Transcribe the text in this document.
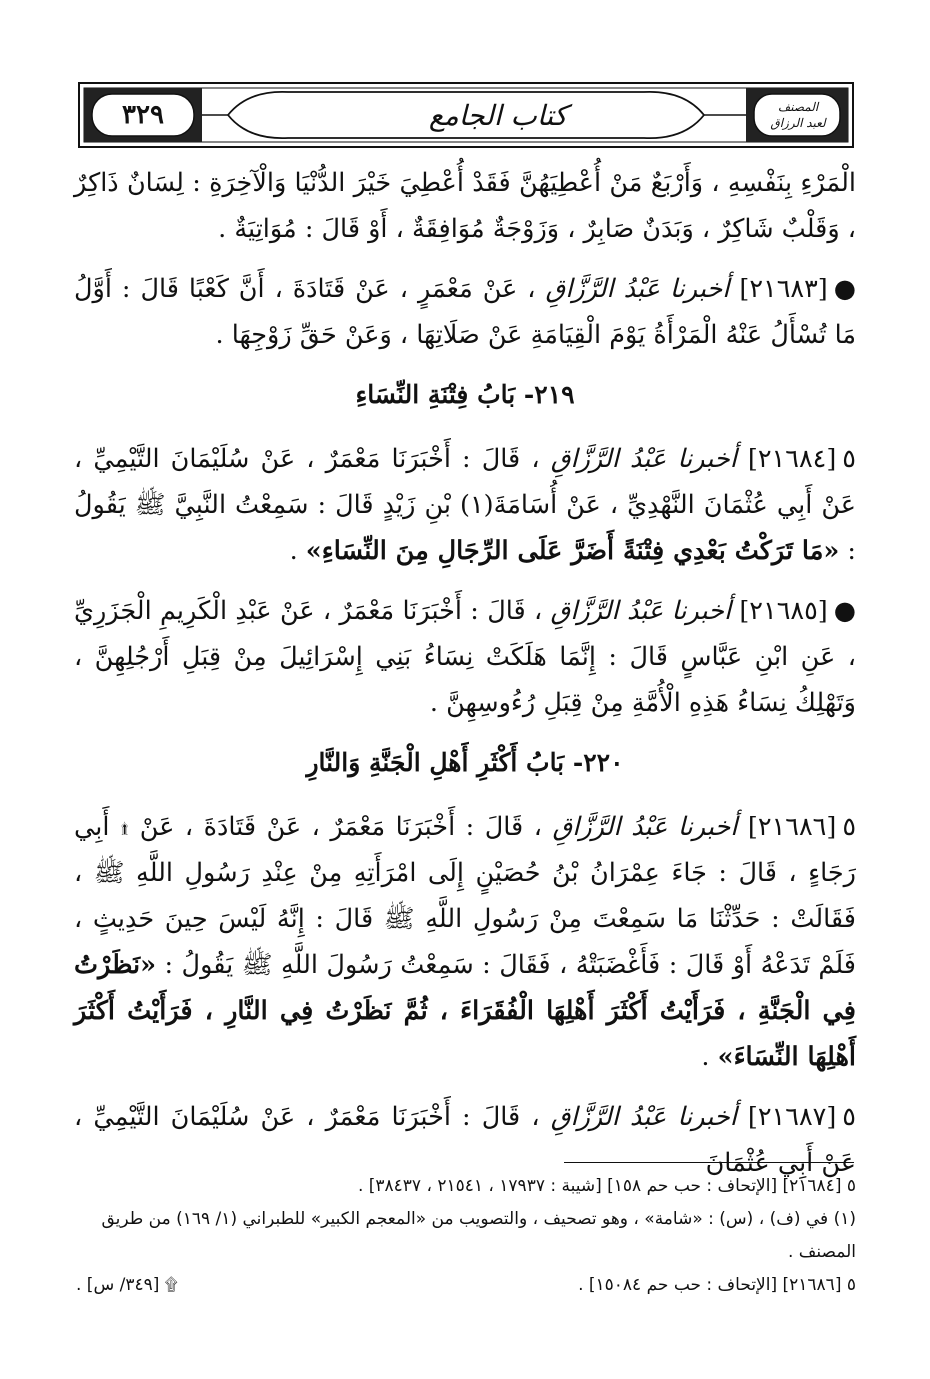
٣٢٩	كتاب الجامع	المصنف
لعبد الرزاق

الْمَرْءِ بِنَفْسِهِ ، وَأَرْبَعٌ مَنْ أُعْطِيَهُنَّ فَقَدْ أُعْطِيَ خَيْرَ الدُّنْيَا وَالْآخِرَةِ : لِسَانٌ ذَاكِرٌ ، وَقَلْبٌ شَاكِرٌ ، وَبَدَنٌ صَابِرٌ ، وَزَوْجَةٌ مُوَافِقَةٌ ، أَوْ قَالَ : مُوَاتِيَةٌ .

●[٢١٦٨٣] أخبرنا عَبْدُ الرَّزَّاقِ ، عَنْ مَعْمَرٍ ، عَنْ قَتَادَةَ ، أَنَّ كَعْبًا قَالَ : أَوَّلُ مَا تُسْأَلُ عَنْهُ الْمَرْأَةُ يَوْمَ الْقِيَامَةِ عَنْ صَلَاتِهَا ، وَعَنْ حَقِّ زَوْجِهَا .

٢١٩- بَابُ فِتْنَةِ النِّسَاءِ

٥[٢١٦٨٤] أخبرنا عَبْدُ الرَّزَّاقِ ، قَالَ : أَخْبَرَنَا مَعْمَرٌ ، عَنْ سُلَيْمَانَ التَّيْمِيِّ ، عَنْ أَبِي عُثْمَانَ النَّهْدِيِّ ، عَنْ أُسَامَةَ(١) بْنِ زَيْدٍ قَالَ : سَمِعْتُ النَّبِيَّ ﷺ يَقُولُ : «مَا تَرَكْتُ بَعْدِي فِتْنَةً أَضَرَّ عَلَى الرِّجَالِ مِنَ النِّسَاءِ» .

●[٢١٦٨٥] أخبرنا عَبْدُ الرَّزَّاقِ ، قَالَ : أَخْبَرَنَا مَعْمَرٌ ، عَنْ عَبْدِ الْكَرِيمِ الْجَزَرِيِّ ، عَنِ ابْنِ عَبَّاسٍ قَالَ : إِنَّمَا هَلَكَتْ نِسَاءُ بَنِي إِسْرَائِيلَ مِنْ قِبَلِ أَرْجُلِهِنَّ ، وَتَهْلِكُ نِسَاءُ هَذِهِ الْأُمَّةِ مِنْ قِبَلِ رُءُوسِهِنَّ .

٢٢٠- بَابُ أَكْثَرِ أَهْلِ الْجَنَّةِ وَالنَّارِ

٥[٢١٦٨٦] أخبرنا عَبْدُ الرَّزَّاقِ ، قَالَ : أَخْبَرَنَا مَعْمَرٌ ، عَنْ قَتَادَةَ ، عَنْ ۩ أَبِي رَجَاءٍ ، قَالَ : جَاءَ عِمْرَانُ بْنُ حُصَيْنٍ إِلَى امْرَأَتِهِ مِنْ عِنْدِ رَسُولِ اللَّهِ ﷺ ، فَقَالَتْ : حَدِّثْنَا مَا سَمِعْتَ مِنْ رَسُولِ اللَّهِ ﷺ قَالَ : إِنَّهُ لَيْسَ حِينَ حَدِيثٍ ، فَلَمْ تَدَعْهُ أَوْ قَالَ : فَأَغْضَبَتْهُ ، فَقَالَ : سَمِعْتُ رَسُولَ اللَّهِ ﷺ يَقُولُ : «نَظَرْتُ فِي الْجَنَّةِ ، فَرَأَيْتُ أَكْثَرَ أَهْلِهَا الْفُقَرَاءَ ، ثُمَّ نَظَرْتُ فِي النَّارِ ، فَرَأَيْتُ أَكْثَرَ أَهْلِهَا النِّسَاءَ» .

٥[٢١٦٨٧] أخبرنا عَبْدُ الرَّزَّاقِ ، قَالَ : أَخْبَرَنَا مَعْمَرٌ ، عَنْ سُلَيْمَانَ التَّيْمِيِّ ، عَنْ أَبِي عُثْمَانَ

٥ [٢١٦٨٤] [الإتحاف : حب حم ١٥٨] [شيبة : ١٧٩٣٧ ، ٢١٥٤١ ، ٣٨٤٣٧] .

(١) في (ف) ، (س) : «شامة» ، وهو تصحيف ، والتصويب من «المعجم الكبير» للطبراني (١/ ١٦٩) من طريق المصنف .

٥ [٢١٦٨٦] [الإتحاف : حب حم ١٥٠٨٤] .
۩ [٣٤٩/ س] .
